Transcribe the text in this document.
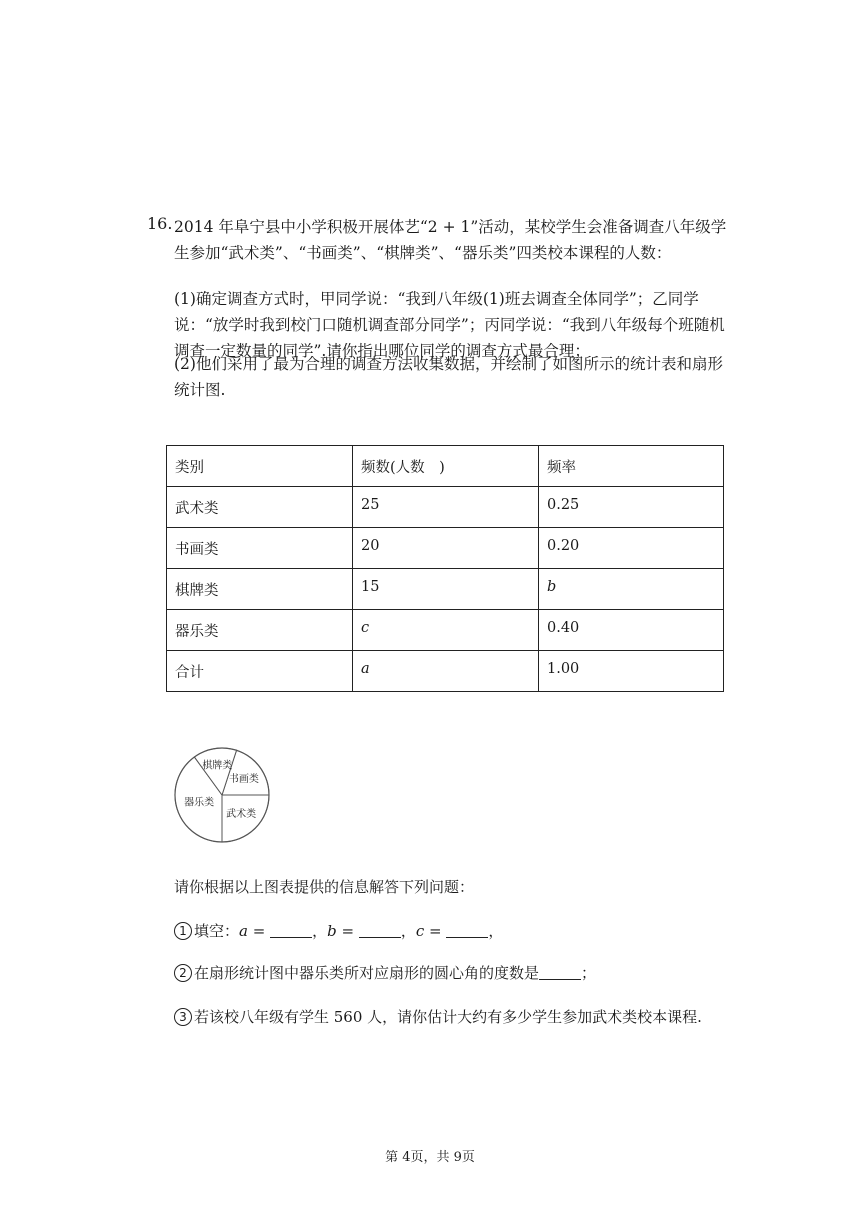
16. 2014 年阜宁县中小学积极开展体艺“2 + 1”活动，某校学生会准备调查八年级学生参加“武术类”、“书画类”、“棋牌类”、“器乐类”四类校本课程的人数：
(1)确定调查方式时，甲同学说：“我到八年级(1)班去调查全体同学”；乙同学说：“放学时我到校门口随机调查部分同学”；丙同学说：“我到八年级每个班随机调查一定数量的同学”.请你指出哪位同学的调查方式最合理；
(2)他们采用了最为合理的调查方法收集数据，并绘制了如图所示的统计表和扇形统计图.
类别	频数(人数　)	频率
武术类	25	0.25
书画类	20	0.20
棋牌类	15	b
器乐类	c	0.40
合计	a	1.00
书画类
武术类
器乐类
棋牌类
请你根据以上图表提供的信息解答下列问题：
1 填空：a =	，b =	，c =	，
2 在扇形统计图中器乐类所对应扇形的圆心角的度数是	；
3 若该校八年级有学生 560 人，请你估计大约有多少学生参加武术类校本课程.
第 4页，共 9页
